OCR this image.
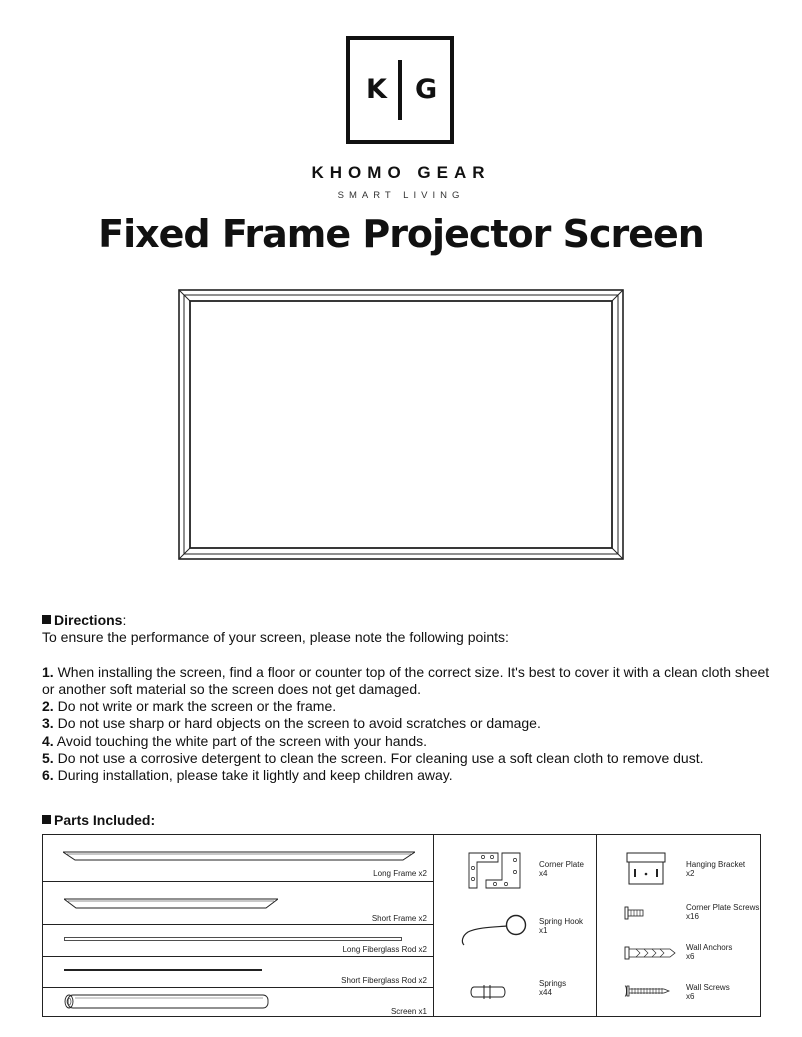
K G
KHOMO GEAR
SMART LIVING
Fixed Frame Projector Screen
Directions:
To ensure the performance of your screen, please note the following points:
1. When installing the screen, find a floor or counter top of the correct size. It's best to cover it with a clean cloth sheet or another soft material so the screen does not get damaged.
2. Do not write or mark the screen or the frame.
3. Do not use sharp or hard objects on the screen to avoid scratches or damage.
4. Avoid touching the white part of the screen with your hands.
5. Do not use a corrosive detergent to clean the screen. For cleaning use a soft clean cloth to remove dust.
6. During installation, please take it lightly and keep children away.
Parts Included:
Long Frame x2
Short Frame x2
Long Fiberglass Rod x2
Short Fiberglass Rod x2
Screen x1
Corner Plate
x4
Spring Hook
x1
Springs
x44
Hanging Bracket
x2
Corner Plate Screws
x16
Wall Anchors
x6
Wall Screws
x6
